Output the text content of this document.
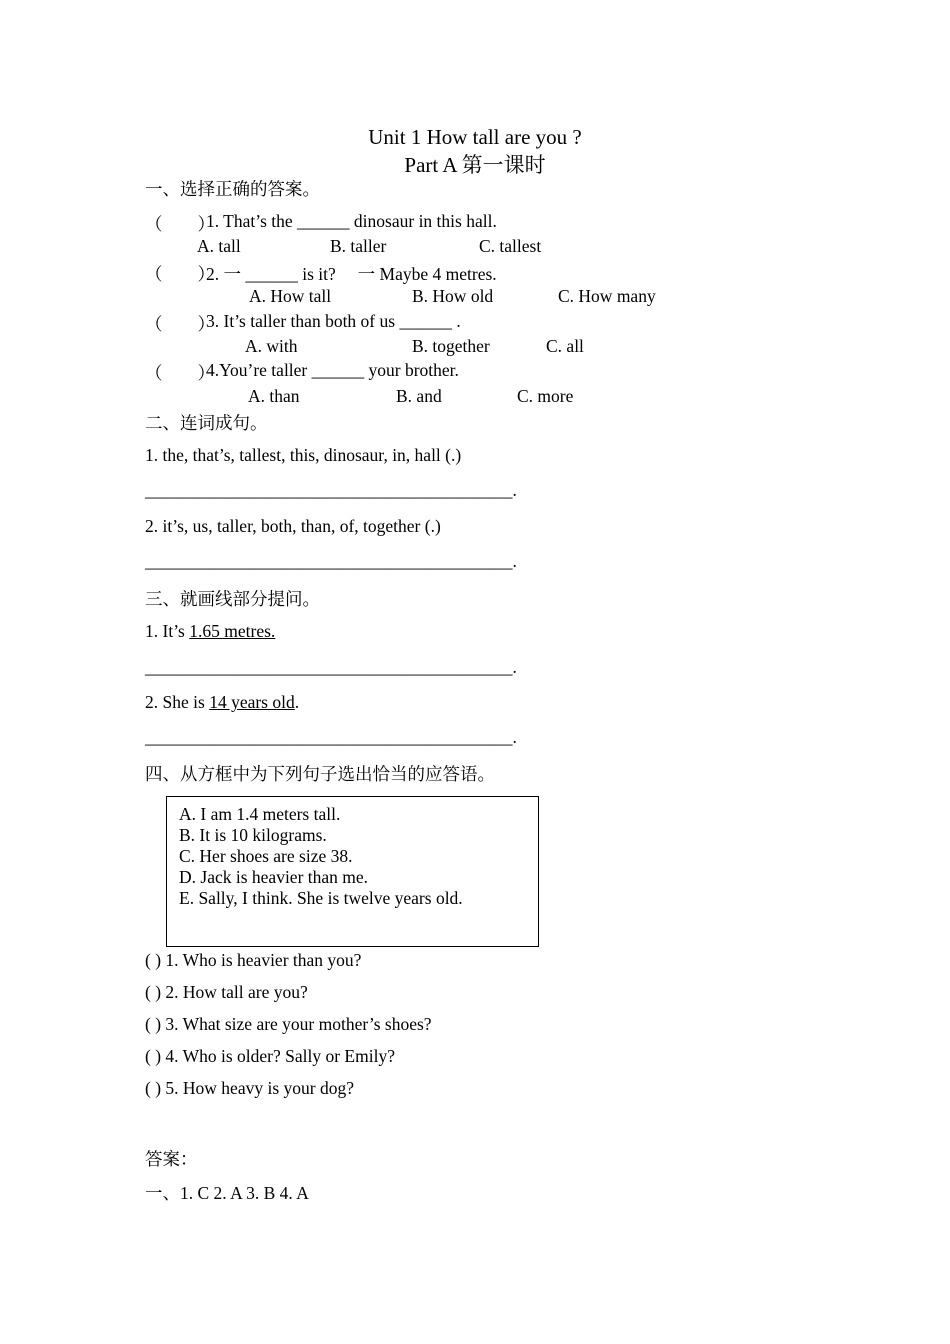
Unit 1 How tall are you ?
Part A 第一课时
一、选择正确的答案。
（　　）
1. That’s the ______ dinosaur in this hall.
A. tall	B. taller	C. tallest
（　　）
2. 一 ______ is it?　 一 Maybe 4 metres.
A. How tall	B. How old	C. How many
（　　）
3. It’s taller than both of us ______ .
A. with	B. together	C. all
（　　）
4.You’re taller ______ your brother.
A. than	B. and	C. more
二、连词成句。
1. the, that’s, tallest, this, dinosaur, in, hall (.)
__________________________________________.
2. it’s, us, taller, both, than, of, together (.)
__________________________________________.
三、就画线部分提问。
1. It’s 1.65 metres.
__________________________________________.
2. She is 14 years old.
__________________________________________.
四、从方框中为下列句子选出恰当的应答语。
A. I am 1.4 meters tall.
B. It is 10 kilograms.
C. Her shoes are size 38.
D. Jack is heavier than me.
E. Sally, I think. She is twelve years old.
( ) 1. Who is heavier than you?
( ) 2. How tall are you?
( ) 3. What size are your mother’s shoes?
( ) 4. Who is older? Sally or Emily?
( ) 5. How heavy is your dog?
答案：
一、1. C 2. A 3. B 4. A
